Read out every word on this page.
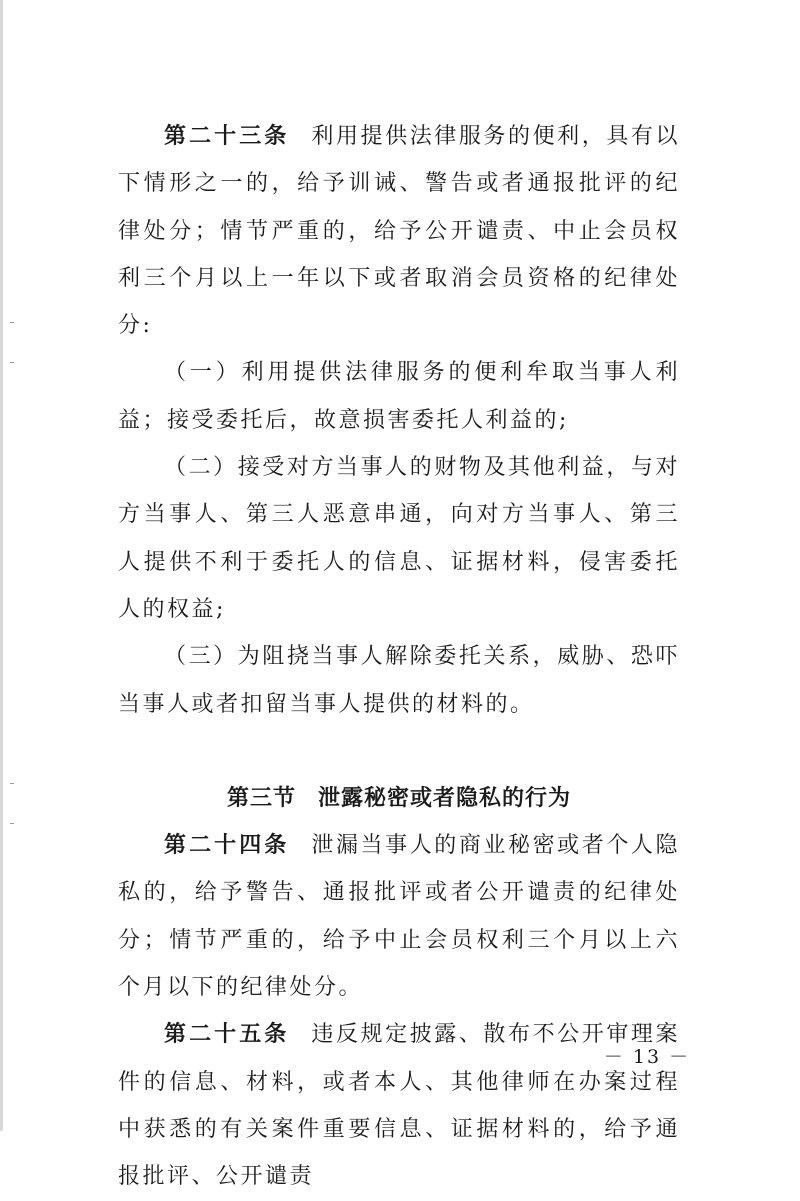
第二十三条 利用提供法律服务的便利，具有以下情形之一的，给予训诫、警告或者通报批评的纪律处分；情节严重的，给予公开谴责、中止会员权利三个月以上一年以下或者取消会员资格的纪律处分:

（一）利用提供法律服务的便利牟取当事人利益；接受委托后，故意损害委托人利益的;

（二）接受对方当事人的财物及其他利益，与对方当事人、第三人恶意串通，向对方当事人、第三人提供不利于委托人的信息、证据材料，侵害委托人的权益;

（三）为阻挠当事人解除委托关系，威胁、恐吓当事人或者扣留当事人提供的材料的。

第三节 泄露秘密或者隐私的行为

第二十四条 泄漏当事人的商业秘密或者个人隐私的，给予警告、通报批评或者公开谴责的纪律处分；情节严重的，给予中止会员权利三个月以上六个月以下的纪律处分。

第二十五条 违反规定披露、散布不公开审理案件的信息、材料，或者本人、其他律师在办案过程中获悉的有关案件重要信息、证据材料的，给予通报批评、公开谴责

－ 13 －
